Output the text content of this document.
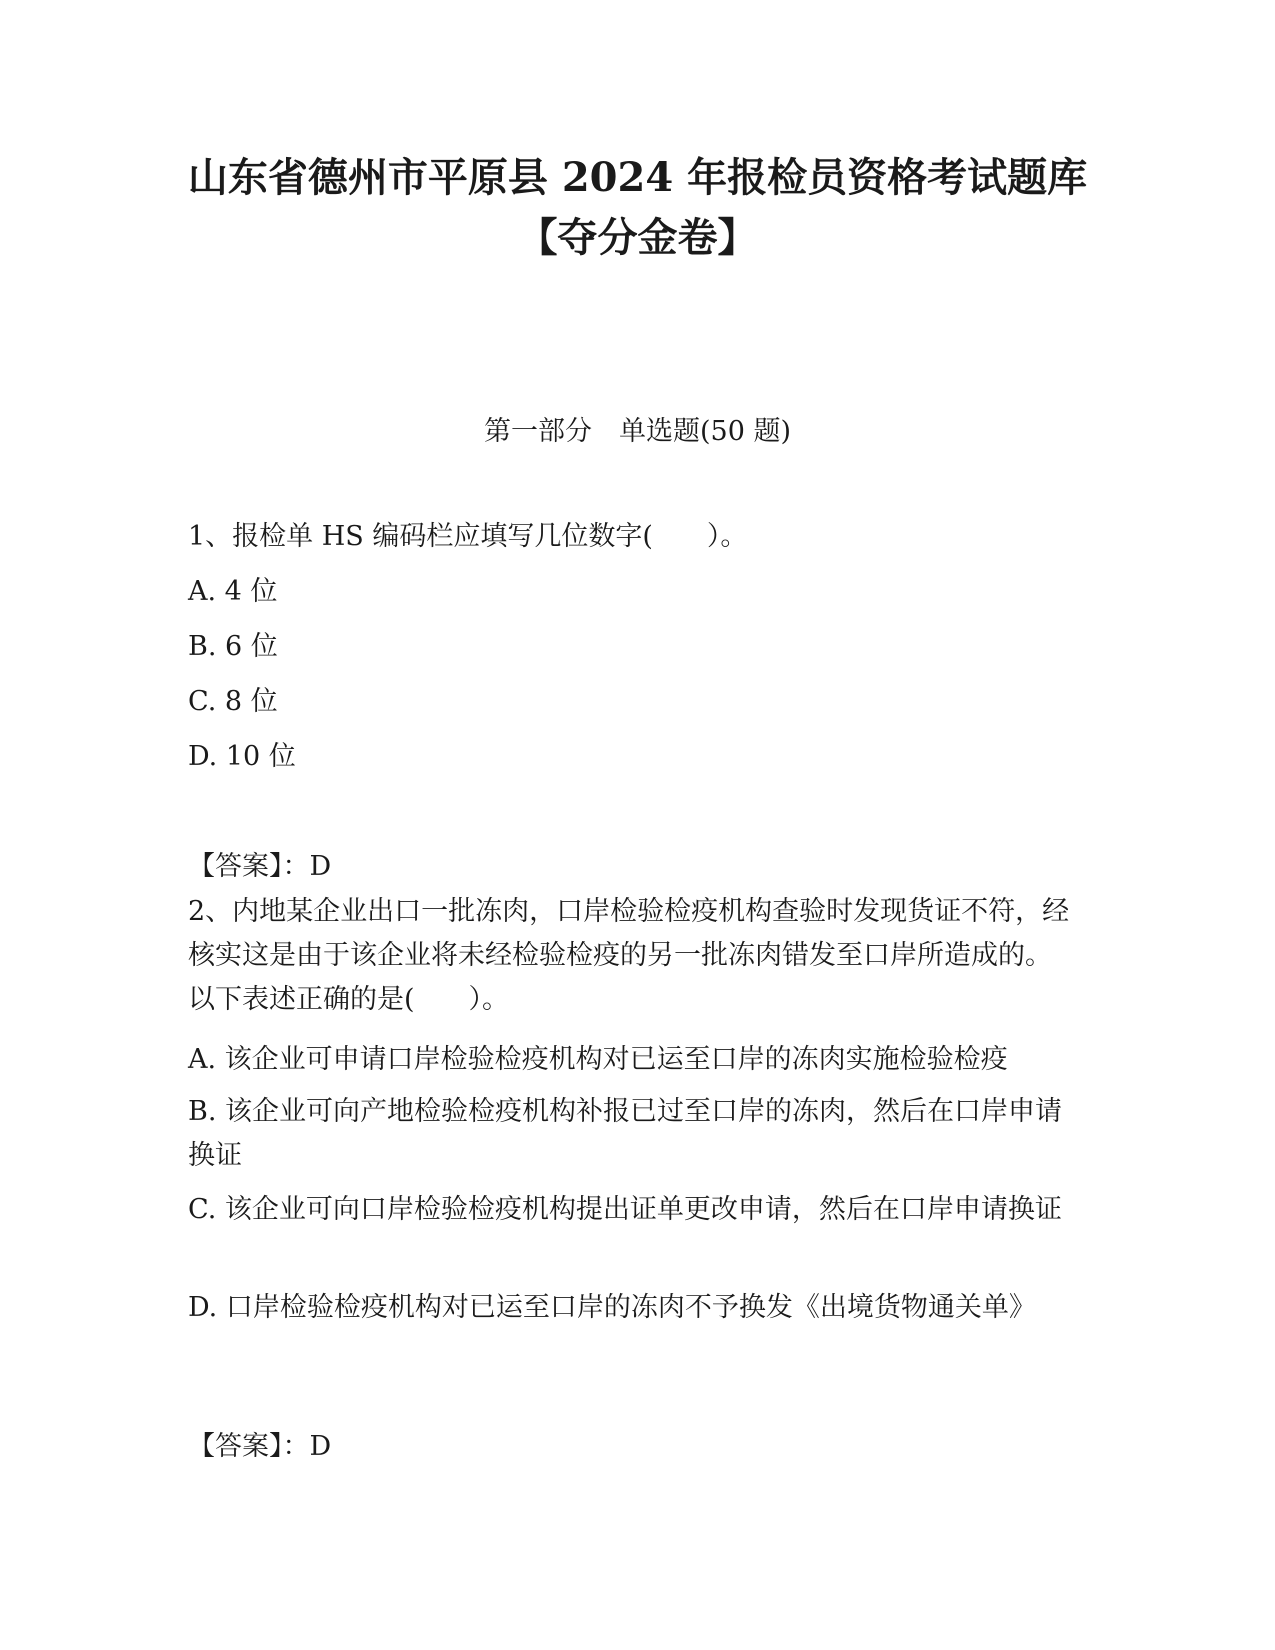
山东省德州市平原县 2024 年报检员资格考试题库
【夺分金卷】
第一部分　单选题(50 题)
1、报检单 HS 编码栏应填写几位数字(　　）。
A. 4 位
B. 6 位
C. 8 位
D. 10 位
【答案】：D
2、内地某企业出口一批冻肉，口岸检验检疫机构查验时发现货证不符，经核实这是由于该企业将未经检验检疫的另一批冻肉错发至口岸所造成的。以下表述正确的是(　　）。
A. 该企业可申请口岸检验检疫机构对已运至口岸的冻肉实施检验检疫
B. 该企业可向产地检验检疫机构补报已过至口岸的冻肉，然后在口岸申请换证
C. 该企业可向口岸检验检疫机构提出证单更改申请，然后在口岸申请换证
D. 口岸检验检疫机构对已运至口岸的冻肉不予换发《出境货物通关单》
【答案】：D
